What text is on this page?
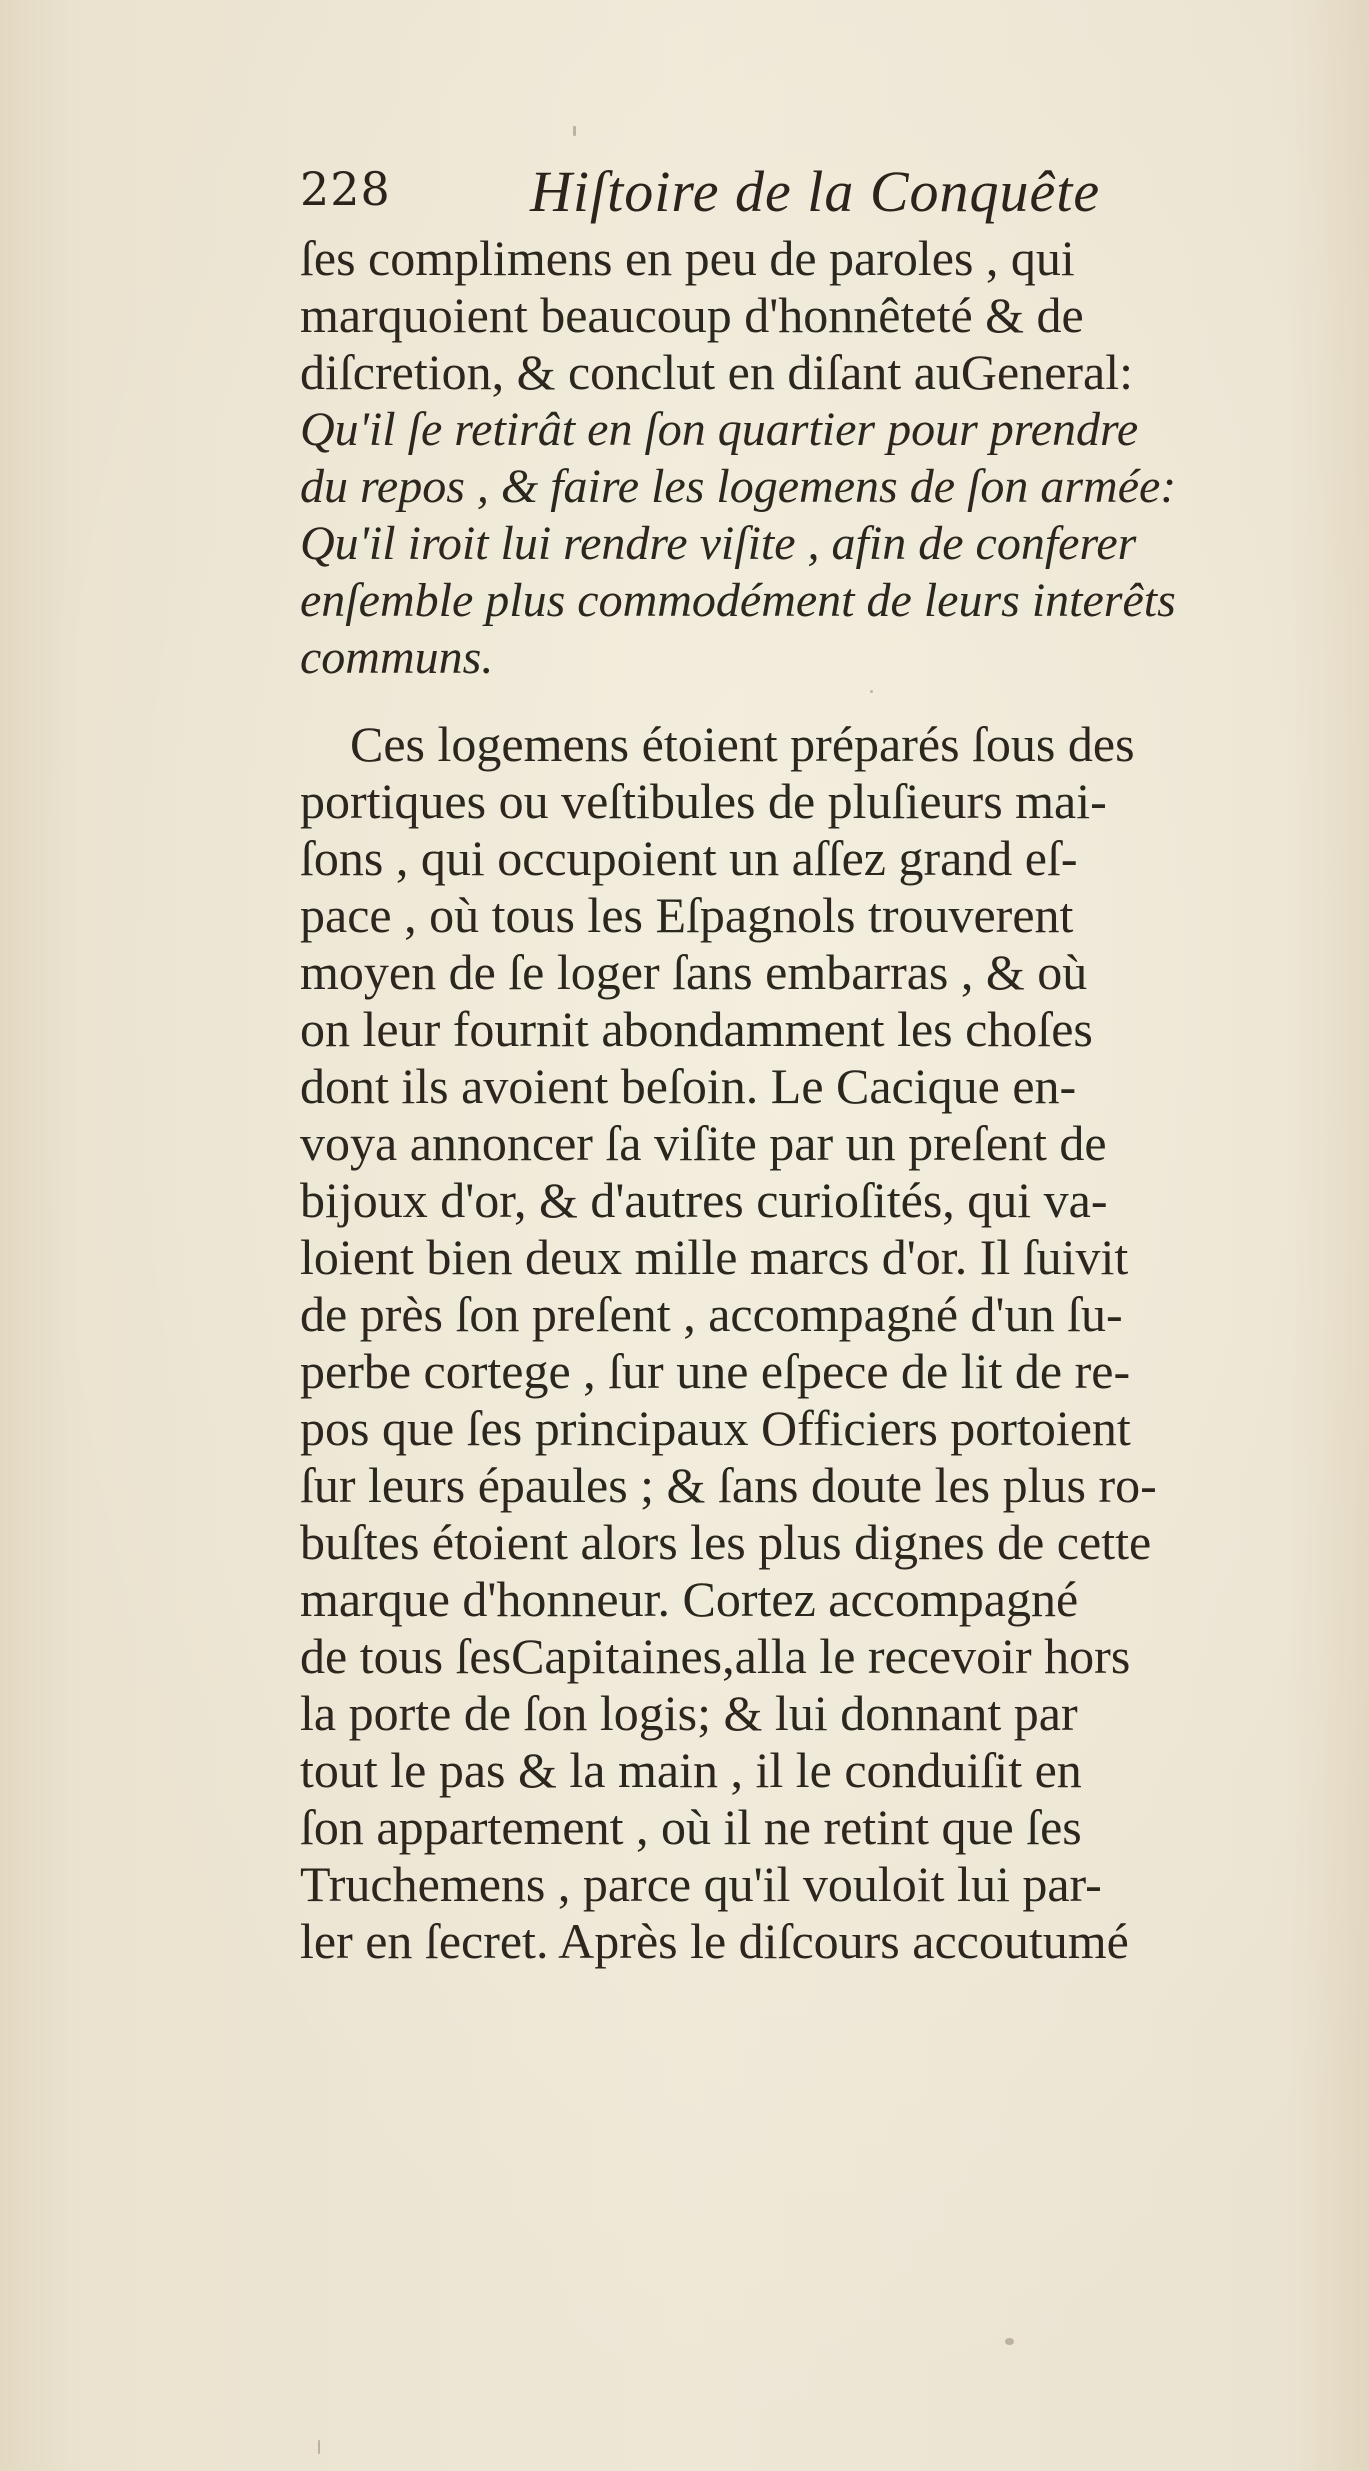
228 Hiſtoire de la Conquête
ſes complimens en peu de paroles , qui
marquoient beaucoup d'honnêteté & de
diſcretion, & conclut en diſant auGeneral:
Qu'il ſe retirât en ſon quartier pour prendre
du repos , & faire les logemens de ſon armée:
Qu'il iroit lui rendre viſite , afin de conferer
enſemble plus commodément de leurs interêts
communs.
Ces logemens étoient préparés ſous des
portiques ou veſtibules de pluſieurs mai-
ſons , qui occupoient un aſſez grand eſ-
pace , où tous les Eſpagnols trouverent
moyen de ſe loger ſans embarras , & où
on leur fournit abondamment les choſes
dont ils avoient beſoin. Le Cacique en-
voya annoncer ſa viſite par un preſent de
bijoux d'or, & d'autres curioſités, qui va-
loient bien deux mille marcs d'or. Il ſuivit
de près ſon preſent , accompagné d'un ſu-
perbe cortege , ſur une eſpece de lit de re-
pos que ſes principaux Officiers portoient
ſur leurs épaules ; & ſans doute les plus ro-
buſtes étoient alors les plus dignes de cette
marque d'honneur. Cortez accompagné
de tous ſesCapitaines,alla le recevoir hors
la porte de ſon logis; & lui donnant par
tout le pas & la main , il le conduiſit en
ſon appartement , où il ne retint que ſes
Truchemens , parce qu'il vouloit lui par-
ler en ſecret. Après le diſcours accoutumé
